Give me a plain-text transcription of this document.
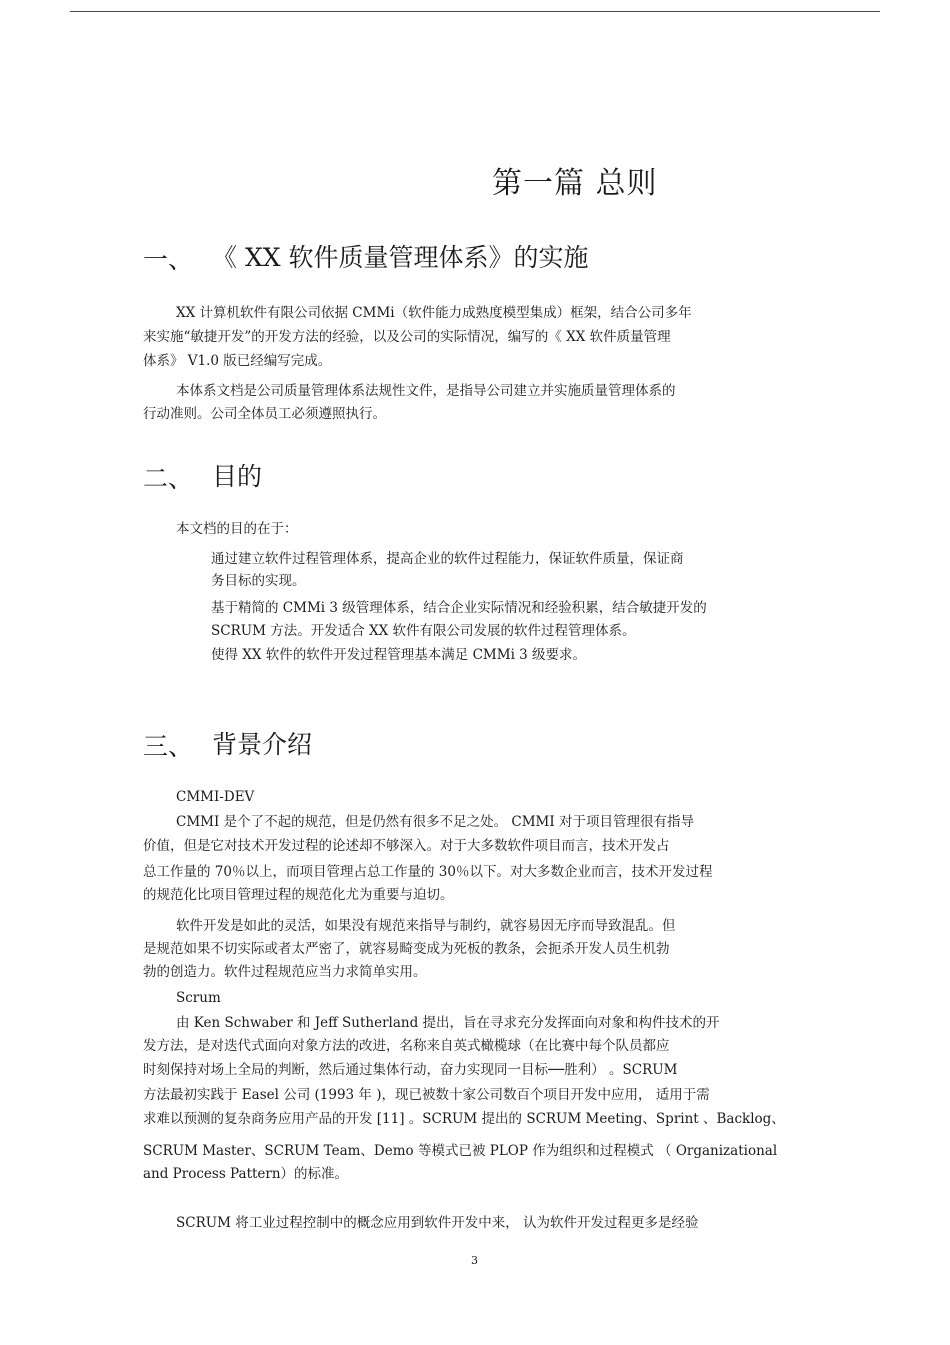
第一篇 总则
一、 《 XX 软件质量管理体系》的实施
XX 计算机软件有限公司依据 CMMi（软件能力成熟度模型集成）框架，结合公司多年
来实施“敏捷开发”的开发方法的经验，以及公司的实际情况，编写的《 XX 软件质量管理
体系》 V1.0 版已经编写完成。
本体系文档是公司质量管理体系法规性文件，是指导公司建立并实施质量管理体系的
行动准则。公司全体员工必须遵照执行。
二、 目的
本文档的目的在于：
通过建立软件过程管理体系，提高企业的软件过程能力，保证软件质量，保证商
务目标的实现。
基于精简的 CMMi 3 级管理体系，结合企业实际情况和经验积累，结合敏捷开发的
SCRUM 方法。开发适合 XX 软件有限公司发展的软件过程管理体系。
使得 XX 软件的软件开发过程管理基本满足 CMMi 3 级要求。
三、 背景介绍
CMMI-DEV
CMMI 是个了不起的规范，但是仍然有很多不足之处。 CMMI 对于项目管理很有指导
价值，但是它对技术开发过程的论述却不够深入。对于大多数软件项目而言，技术开发占
总工作量的 70％以上，而项目管理占总工作量的 30％以下。对大多数企业而言，技术开发过程
的规范化比项目管理过程的规范化尤为重要与迫切。
软件开发是如此的灵活，如果没有规范来指导与制约，就容易因无序而导致混乱。但
是规范如果不切实际或者太严密了，就容易畸变成为死板的教条，会扼杀开发人员生机勃
勃的创造力。软件过程规范应当力求简单实用。
Scrum
由 Ken Schwaber 和 Jeff Sutherland 提出，旨在寻求充分发挥面向对象和构件技术的开
发方法，是对迭代式面向对象方法的改进，名称来自英式橄榄球（在比赛中每个队员都应
时刻保持对场上全局的判断，然后通过集体行动，奋力实现同一目标──胜利） 。SCRUM
方法最初实践于 Easel 公司 (1993 年 )，现已被数十家公司数百个项目开发中应用， 适用于需
求难以预测的复杂商务应用产品的开发 [11] 。SCRUM 提出的 SCRUM Meeting、Sprint 、Backlog、
SCRUM Master、SCRUM Team、Demo 等模式已被 PLOP 作为组织和过程模式 （ Organizational
and Process Pattern）的标准。
SCRUM 将工业过程控制中的概念应用到软件开发中来， 认为软件开发过程更多是经验
3
